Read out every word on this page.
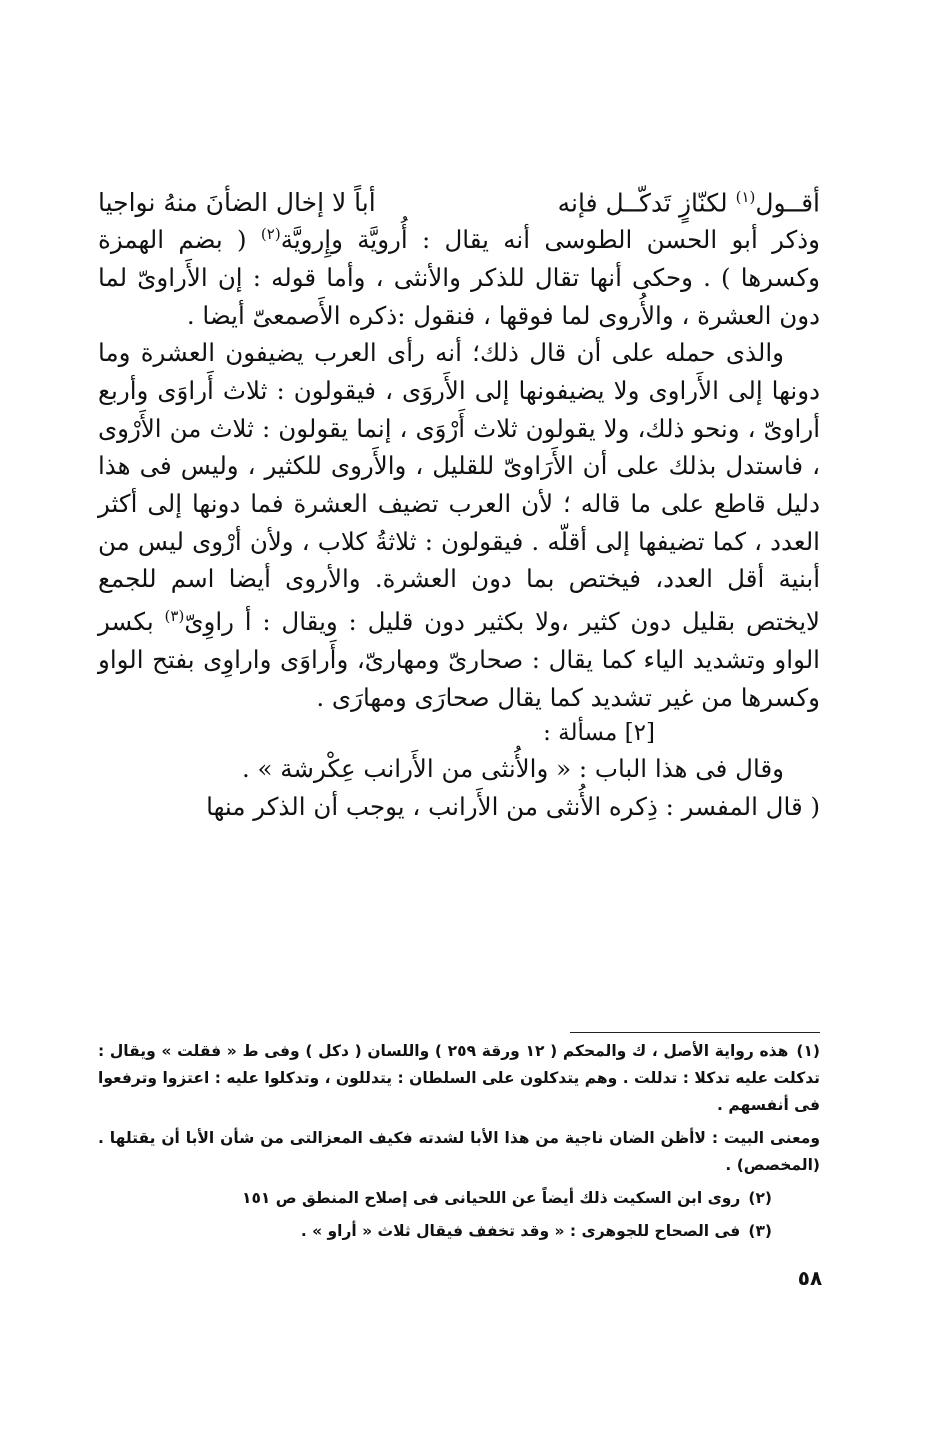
أقــول$^{(١)}$ لكنّازٍ تَدكّــل فإنه
أباً لا إخال الضأنَ منهُ نواجيا

وذكر أبو الحسن الطوسى أنه يقال : أُرويَّة وإِرويَّة$^{(٢)}$ ( بضم الهمزة وكسرها ) . وحكى أنها تقال للذكر والأنثى ، وأما قوله : إن الأَراوىّ لما دون العشرة ، والأُروى لما فوقها ، فنقول :ذكره الأَصمعىّ أيضا .

والذى حمله على أن قال ذلك؛ أنه رأى العرب يضيفون العشرة وما دونها إلى الأَراوى ولا يضيفونها إلى الأَروَى ، فيقولون : ثلاث أَراوَى وأربع أراوىّ ، ونحو ذلك، ولا يقولون ثلاث أَرْوَى ، إنما يقولون : ثلاث من الأَرْوى ، فاستدل بذلك على أن الأَرَاوىّ للقليل ، والأَروى للكثير ، وليس فى هذا دليل قاطع على ما قاله ؛ لأن العرب تضيف العشرة فما دونها إلى أكثر العدد ، كما تضيفها إلى أقلّه . فيقولون : ثلاثةُ كلاب ، ولأن أرْوى ليس من أبنية أقل العدد، فيختص بما دون العشرة. والأروى أيضا اسم للجمع لايختص بقليل دون كثير ،ولا بكثير دون قليل : ويقال : أ راوِىّ$^{(٣)}$ بكسر الواو وتشديد الياء كما يقال : صحارىّ ومهارىّ، وأَراوَى واراوِى بفتح الواو وكسرها من غير تشديد كما يقال صحارَى ومهارَى .

[٢] مسألة :

وقال فى هذا الباب : « والأُنثى من الأَرانب عِكْرشة » .

( قال المفسر : ذِكره الأُنثى من الأَرانب ، يوجب أن الذكر منها

(١)هذه رواية الأصل ، ك والمحكم ( ١٢ ورقة ٢٥٩ ) واللسان ( دكل ) وفى ط « فقلت » ويقال : تدكلت عليه تدكلا : تدللت . وهم يتدكلون على السلطان : يتدللون ، وتدكلوا عليه : اعتزوا وترفعوا فى أنفسهم .

ومعنى البيت : لاأظن الضان ناجية من هذا الأبا لشدته فكيف المعزالتى من شأن الأبا أن يقتلها . (المخصص) .

(٢)روى ابن السكيت ذلك أيضاً عن اللحيانى فى إصلاح المنطق ص ١٥١

(٣)فى الصحاح للجوهرى : « وقد تخفف فيقال ثلاث « أراو » .

٥٨
